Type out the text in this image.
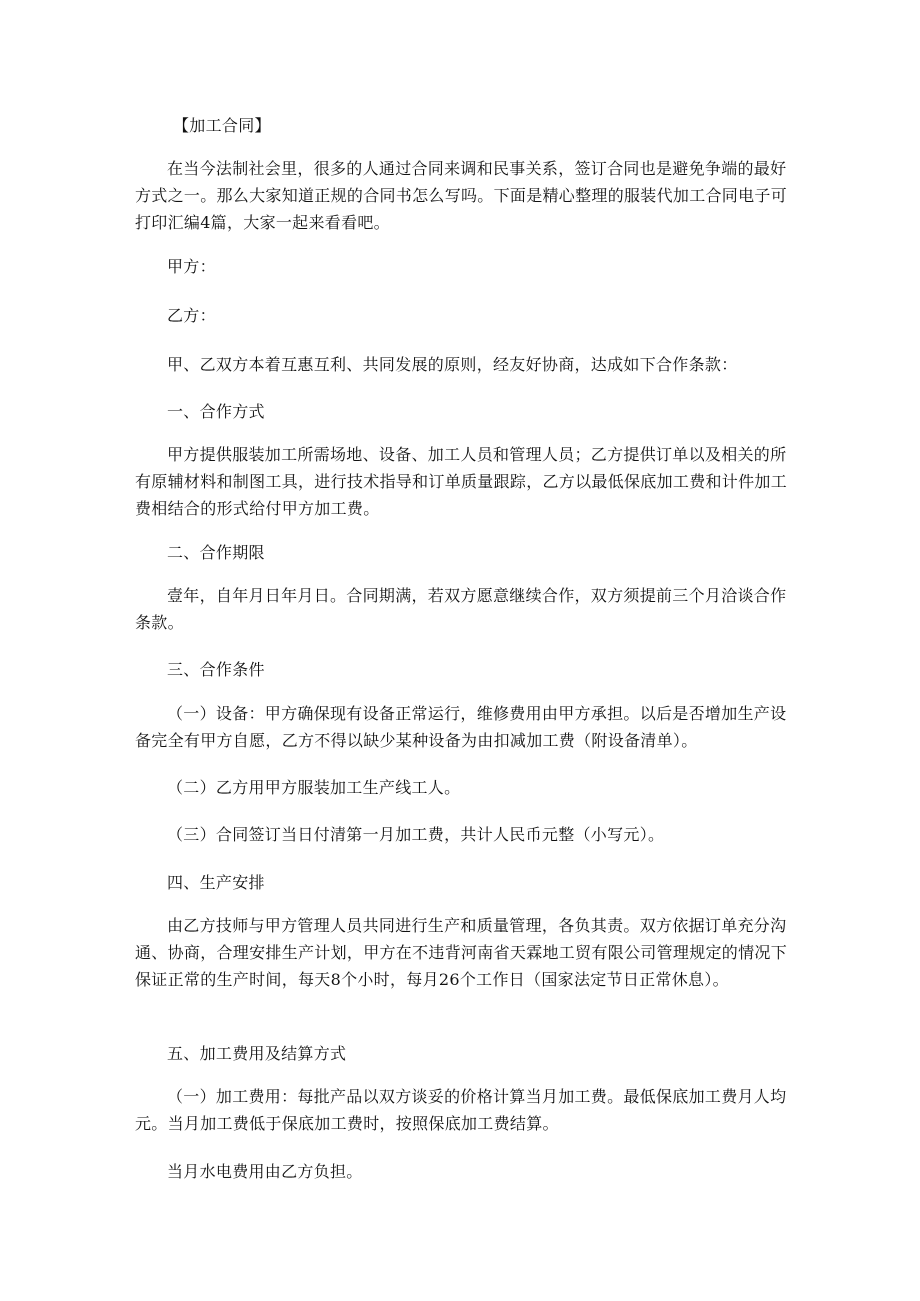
【加工合同】

在当今法制社会里，很多的人通过合同来调和民事关系，签订合同也是避免争端的最好方式之一。那么大家知道正规的合同书怎么写吗。下面是精心整理的服装代加工合同电子可打印汇编4篇，大家一起来看看吧。

甲方：

乙方：

甲、乙双方本着互惠互利、共同发展的原则，经友好协商，达成如下合作条款：

一、合作方式

甲方提供服装加工所需场地、设备、加工人员和管理人员；乙方提供订单以及相关的所有原辅材料和制图工具，进行技术指导和订单质量跟踪，乙方以最低保底加工费和计件加工费相结合的形式给付甲方加工费。

二、合作期限

壹年，自年月日年月日。合同期满，若双方愿意继续合作，双方须提前三个月洽谈合作条款。

三、合作条件

（一）设备：甲方确保现有设备正常运行，维修费用由甲方承担。以后是否增加生产设备完全有甲方自愿，乙方不得以缺少某种设备为由扣减加工费（附设备清单）。

（二）乙方用甲方服装加工生产线工人。

（三）合同签订当日付清第一月加工费，共计人民币元整（小写元）。

四、生产安排

由乙方技师与甲方管理人员共同进行生产和质量管理，各负其责。双方依据订单充分沟通、协商，合理安排生产计划，甲方在不违背河南省天霖地工贸有限公司管理规定的情况下保证正常的生产时间，每天8个小时，每月26个工作日（国家法定节日正常休息）。

五、加工费用及结算方式

（一）加工费用：每批产品以双方谈妥的价格计算当月加工费。最低保底加工费月人均元。当月加工费低于保底加工费时，按照保底加工费结算。

当月水电费用由乙方负担。
